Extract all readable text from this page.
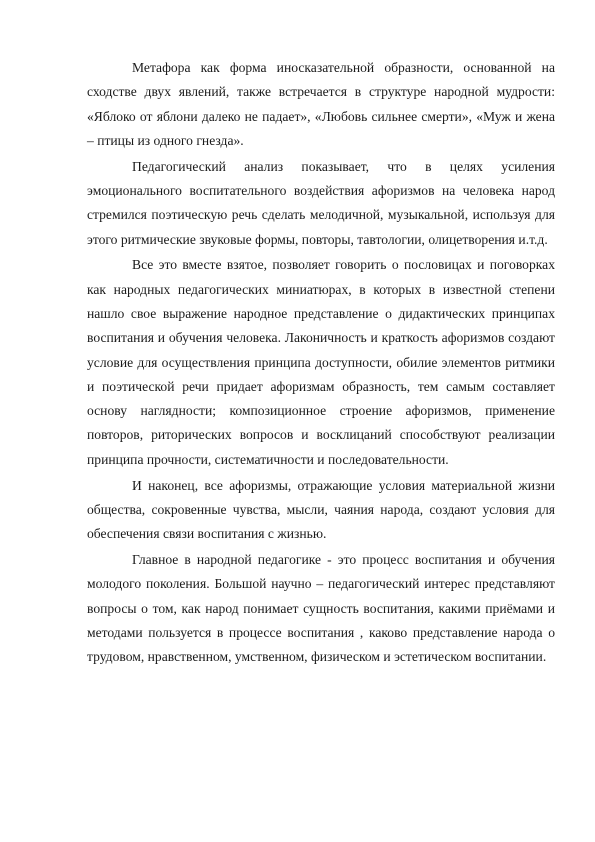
Метафора как форма иносказательной образности, основанной на сходстве двух явлений, также встречается в структуре народной мудрости: «Яблоко от яблони далеко не падает», «Любовь сильнее смерти», «Муж и жена – птицы из одного гнезда».

Педагогический анализ показывает, что в целях усиления эмоционального воспитательного воздействия афоризмов на человека народ стремился поэтическую речь сделать мелодичной, музыкальной, используя для этого ритмические звуковые формы, повторы, тавтологии, олицетворения и.т.д.

Все это вместе взятое, позволяет говорить о пословицах и поговорках как народных педагогических миниатюрах, в которых в известной степени нашло свое выражение народное представление о дидактических принципах воспитания и обучения человека. Лаконичность и краткость афоризмов создают условие для осуществления принципа доступности, обилие элементов ритмики и поэтической речи придает афоризмам образность, тем самым составляет основу наглядности; композиционное строение афоризмов, применение повторов, риторических вопросов и восклицаний способствуют реализации принципа прочности, систематичности и последовательности.

И наконец, все афоризмы, отражающие условия материальной жизни общества, сокровенные чувства, мысли, чаяния народа, создают условия для обеспечения связи воспитания с жизнью.

Главное в народной педагогике - это процесс воспитания и обучения молодого поколения. Большой научно – педагогический интерес представляют вопросы о том, как народ понимает сущность воспитания, какими приёмами и методами пользуется в процессе воспитания , каково представление народа о трудовом, нравственном, умственном, физическом и эстетическом воспитании.
